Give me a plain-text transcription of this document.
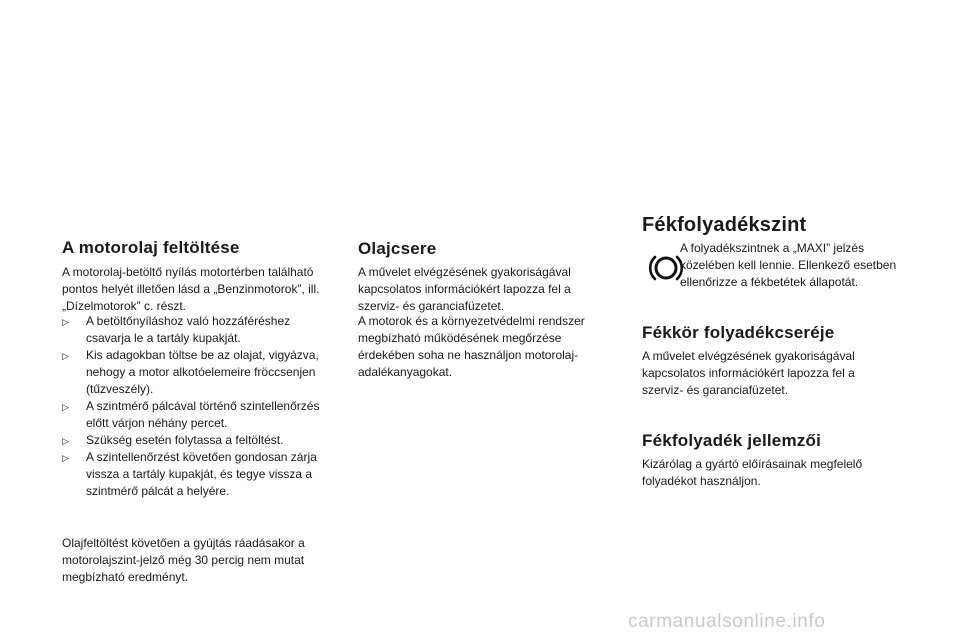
A motorolaj feltöltése

A motorolaj-betöltő nyílás motortérben található pontos helyét illetően lásd a „Benzinmotorok”, ill. „Dízelmotorok” c. részt.

▷ A betöltőnyíláshoz való hozzáféréshez csavarja le a tartály kupakját.
▷ Kis adagokban töltse be az olajat, vigyázva, nehogy a motor alkotóelemeire fröccsenjen (tűzveszély).
▷ A szintmérő pálcával történő szintellenőrzés előtt várjon néhány percet.
▷ Szükség esetén folytassa a feltöltést.
▷ A szintellenőrzést követően gondosan zárja vissza a tartály kupakját, és tegye vissza a szintmérő pálcát a helyére.

Olajfeltöltést követően a gyújtás ráadásakor a motorolajszint-jelző még 30 percig nem mutat megbízható eredményt.

Olajcsere

A művelet elvégzésének gyakoriságával kapcsolatos információkért lapozza fel a szerviz- és garanciafüzetet.

A motorok és a környezetvédelmi rendszer megbízható működésének megőrzése érdekében soha ne használjon motorolaj-adalékanyagokat.

Fékfolyadékszint

A folyadékszintnek a „MAXI” jelzés közelében kell lennie. Ellenkező esetben ellenőrizze a fékbetétek állapotát.

Fékkör folyadékcseréje

A művelet elvégzésének gyakoriságával kapcsolatos információkért lapozza fel a szerviz- és garanciafüzetet.

Fékfolyadék jellemzői

Kizárólag a gyártó előírásainak megfelelő folyadékot használjon.

carmanualsonline.info
